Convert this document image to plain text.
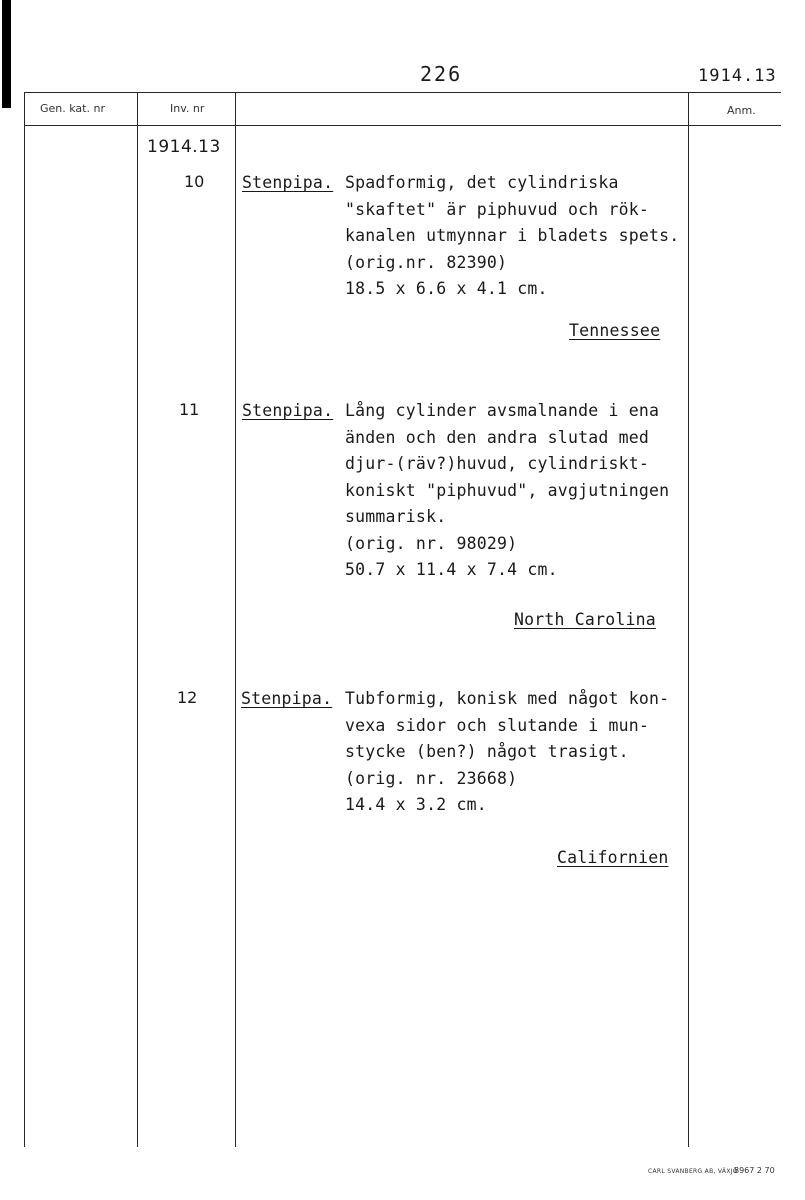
226	1914.13
Gen. kat. nr	Inv. nr	Anm.
1914.13
10 Stenpipa. Spadformig, det cylindriska
"skaftet" är piphuvud och rök-
kanalen utmynnar i bladets spets.
(orig.nr. 82390)
18.5 x 6.6 x 4.1 cm.
Tennessee
11	Stenpipa. Lång cylinder avsmalnande i ena
änden och den andra slutad med
djur-(räv?)huvud, cylindriskt-
koniskt "piphuvud", avgjutningen
summarisk.
(orig. nr. 98029)
50.7 x 11.4 x 7.4 cm.
North Carolina
12	Stenpipa. Tubformig, konisk med något kon-
vexa sidor och slutande i mun-
stycke (ben?) något trasigt.
(orig. nr. 23668)
14.4 x 3.2 cm.
Californien
CARL SVANBERG AB, VÄXJÖ
8967 2 70
